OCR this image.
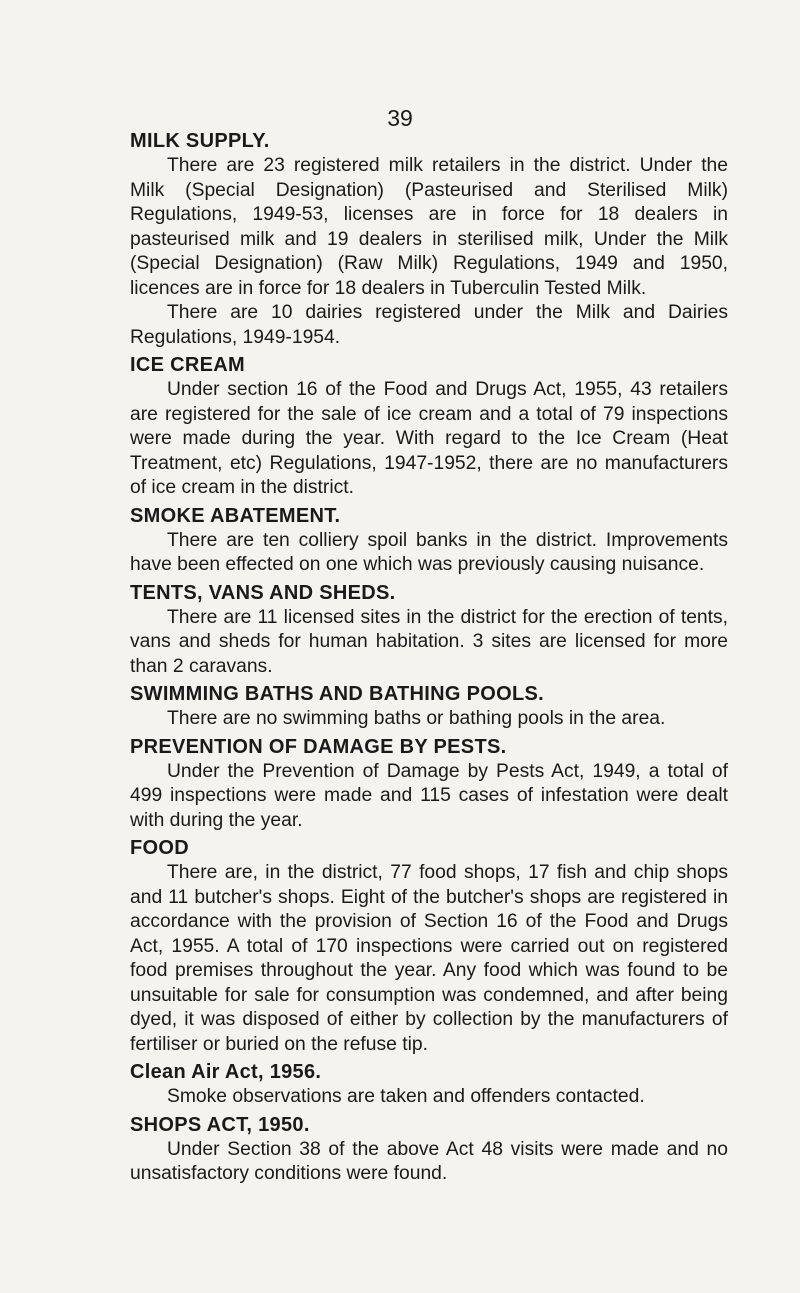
39
MILK SUPPLY.

There are 23 registered milk retailers in the district. Under the Milk (Special Designation) (Pasteurised and Sterilised Milk) Regulations, 1949-53, licenses are in force for 18 dealers in pasteurised milk and 19 dealers in sterilised milk, Under the Milk (Special Designation) (Raw Milk) Regulations, 1949 and 1950, licences are in force for 18 dealers in Tuberculin Tested Milk.

There are 10 dairies registered under the Milk and Dairies Regulations, 1949-1954.

ICE CREAM

Under section 16 of the Food and Drugs Act, 1955, 43 retailers are registered for the sale of ice cream and a total of 79 inspections were made during the year. With regard to the Ice Cream (Heat Treatment, etc) Regulations, 1947-1952, there are no manufacturers of ice cream in the district.

SMOKE ABATEMENT.

There are ten colliery spoil banks in the district. Improvements have been effected on one which was previously causing nuisance.

TENTS, VANS AND SHEDS.

There are 11 licensed sites in the district for the erection of tents, vans and sheds for human habitation. 3 sites are licensed for more than 2 caravans.

SWIMMING BATHS AND BATHING POOLS.

There are no swimming baths or bathing pools in the area.

PREVENTION OF DAMAGE BY PESTS.

Under the Prevention of Damage by Pests Act, 1949, a total of 499 inspections were made and 115 cases of infestation were dealt with during the year.

FOOD

There are, in the district, 77 food shops, 17 fish and chip shops and 11 butcher's shops. Eight of the butcher's shops are registered in accordance with the provision of Section 16 of the Food and Drugs Act, 1955. A total of 170 inspections were carried out on registered food premises throughout the year. Any food which was found to be unsuitable for sale for consumption was condemned, and after being dyed, it was disposed of either by collection by the manufacturers of fertiliser or buried on the refuse tip.

Clean Air Act, 1956.

Smoke observations are taken and offenders contacted.

SHOPS ACT, 1950.

Under Section 38 of the above Act 48 visits were made and no unsatisfactory conditions were found.
